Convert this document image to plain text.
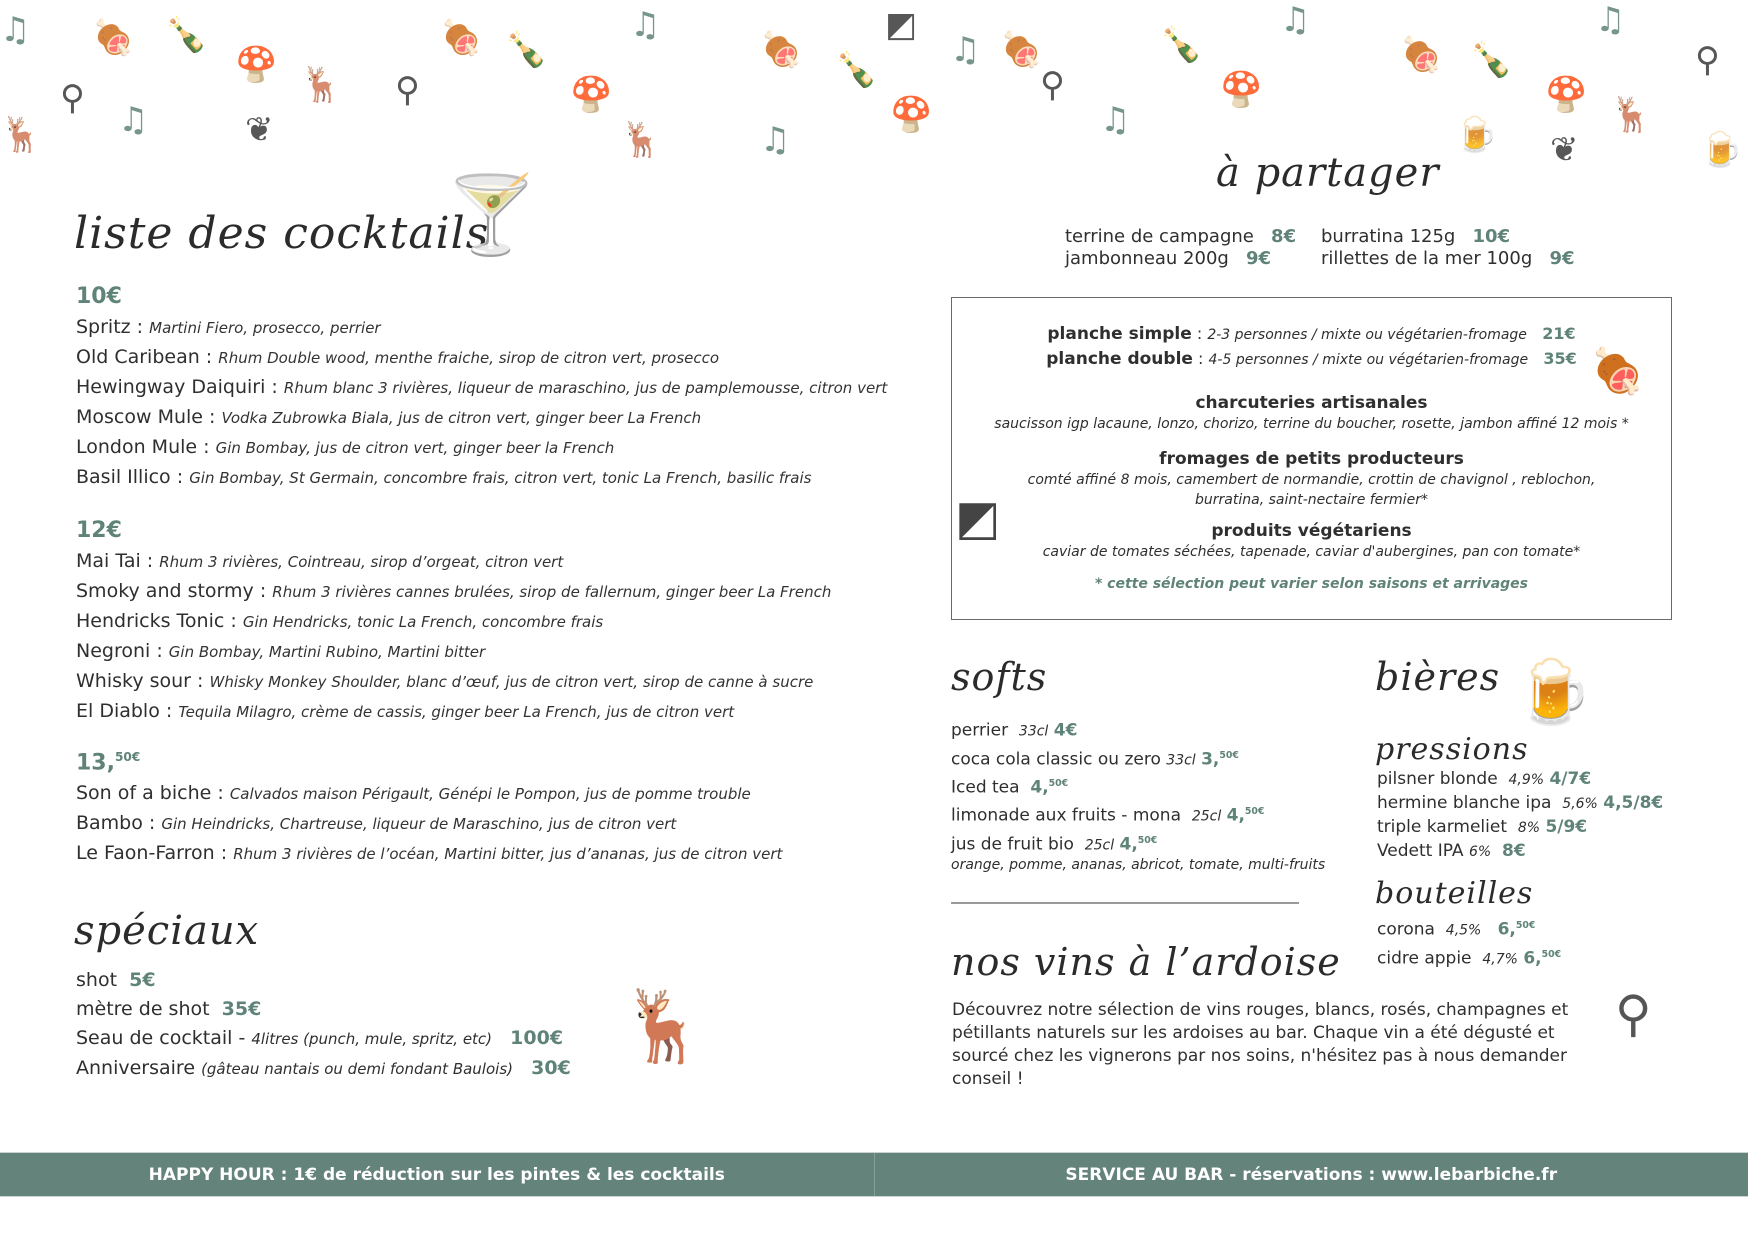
♫ 🍖 🍾
🍄
⚲
♫
🦌	❦
🦌 ⚲
🍖 🍾
🍄
♫
🦌	♫
🍖 🍾
◩
🍄
♫
⚲
🍖
♫
🍾
🍄
♫
🍖 🍾
🍺
🍄
❦
♫
🦌
⚲
🍺
liste des cocktails
🍸
10€
Spritz : Martini Fiero, prosecco, perrier
Old Caribean : Rhum Double wood, menthe fraiche, sirop de citron vert, prosecco
Hewingway Daiquiri : Rhum blanc 3 rivières, liqueur de maraschino, jus de pamplemousse, citron vert
Moscow Mule : Vodka Zubrowka Biala, jus de citron vert, ginger beer La French
London Mule : Gin Bombay, jus de citron vert, ginger beer la French
Basil Illico : Gin Bombay, St Germain, concombre frais, citron vert, tonic La French, basilic frais
12€
Mai Tai : Rhum 3 rivières, Cointreau, sirop d’orgeat, citron vert
Smoky and stormy : Rhum 3 rivières cannes brulées, sirop de fallernum, ginger beer La French
Hendricks Tonic : Gin Hendricks, tonic La French, concombre frais
Negroni : Gin Bombay, Martini Rubino, Martini bitter
Whisky sour : Whisky Monkey Shoulder, blanc d’œuf, jus de citron vert, sirop de canne à sucre
El Diablo : Tequila Milagro, crème de cassis, ginger beer La French, jus de citron vert
13,$^{50€}$
Son of a biche : Calvados maison Périgault, Génépi le Pompon, jus de pomme trouble
Bambo : Gin Heindricks, Chartreuse, liqueur de Maraschino, jus de citron vert
Le Faon-Farron : Rhum 3 rivières de l’océan, Martini bitter, jus d’ananas, jus de citron vert
spéciaux
shot 5€
mètre de shot 35€
Seau de cocktail - 4litres (punch, mule, spritz, etc) 100€
Anniversaire (gâteau nantais ou demi fondant Baulois) 30€
🦌
à partager
terrine de campagne 8€	burratina 125g 10€
jambonneau 200g 9€	rillettes de la mer 100g 9€
planche simple : 2-3 personnes / mixte ou végétarien-fromage 21€
planche double : 4-5 personnes / mixte ou végétarien-fromage 35€
charcuteries artisanales
saucisson igp lacaune, lonzo, chorizo, terrine du boucher, rosette, jambon affiné 12 mois *
fromages de petits producteurs
comté affiné 8 mois, camembert de normandie, crottin de chavignol , reblochon,
burratina, saint-nectaire fermier*
produits végétariens
caviar de tomates séchées, tapenade, caviar d'aubergines, pan con tomate*
* cette sélection peut varier selon saisons et arrivages
🍖
◩
softs
perrier 33cl 4€
coca cola classic ou zero 33cl 3,$^{50€}$
Iced tea 4,$^{50€}$
limonade aux fruits - mona 25cl 4,$^{50€}$
jus de fruit bio 25cl 4,$^{50€}$
orange, pomme, ananas, abricot, tomate, multi-fruits
bières 🍺
pressions
pilsner blonde 4,9% 4/7€
hermine blanche ipa 5,6% 4,5/8€
triple karmeliet 8% 5/9€
Vedett IPA 6% 8€
bouteilles
corona 4,5% 6,$^{50€}$
cidre appie 4,7% 6,$^{50€}$
nos vins à l’ardoise
Découvrez notre sélection de vins rouges, blancs, rosés, champagnes et pétillants naturels sur les ardoises au bar. Chaque vin a été dégusté et sourcé chez les vignerons par nos soins, n'hésitez pas à nous demander conseil !
⚲
HAPPY HOUR : 1€ de réduction sur les pintes & les cocktails	SERVICE AU BAR - réservations : www.lebarbiche.fr
